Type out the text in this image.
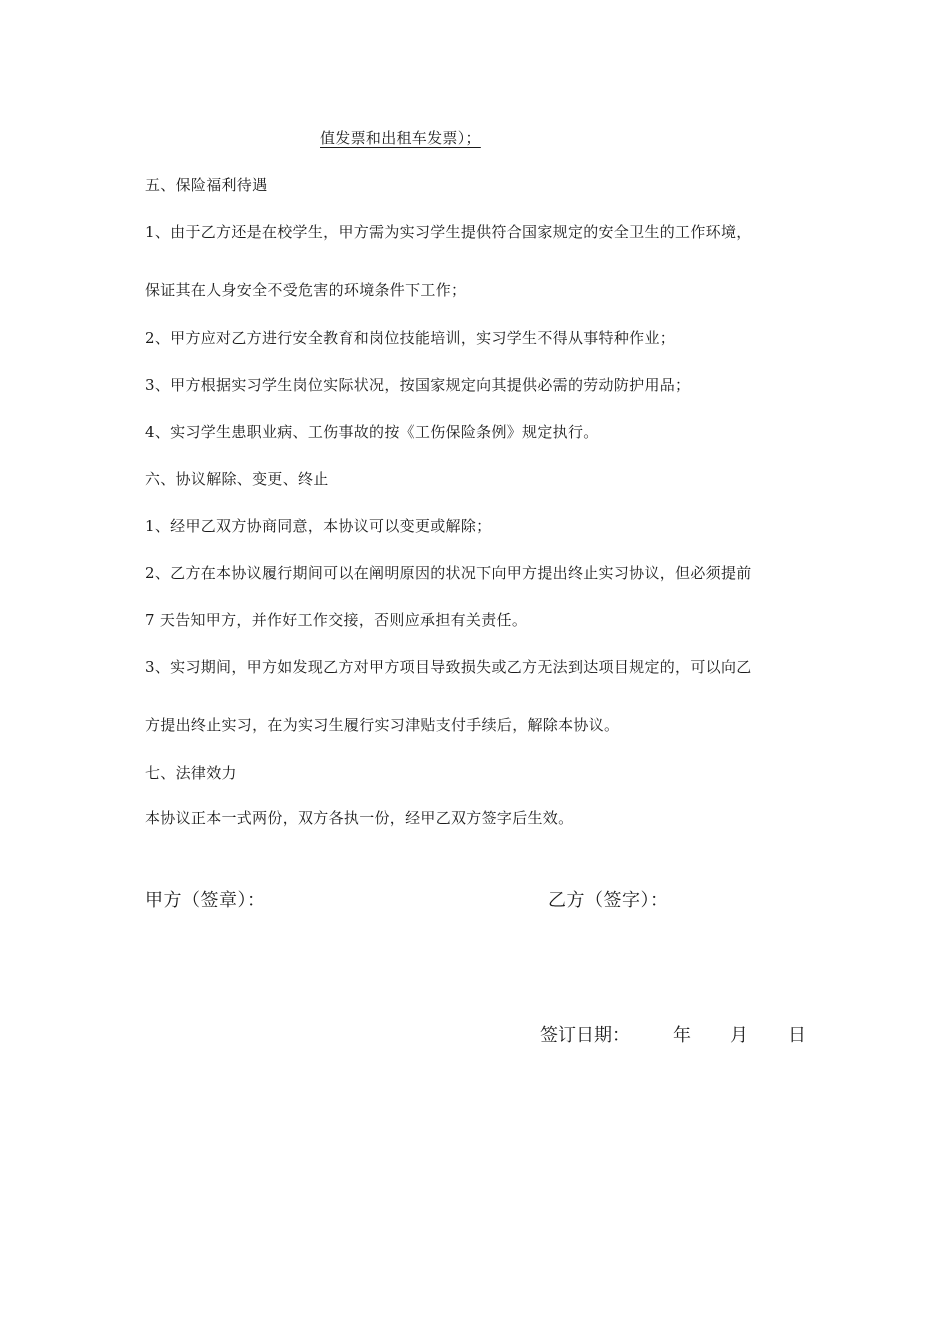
值发票和出租车发票）；
五、保险福利待遇
1、由于乙方还是在校学生，甲方需为实习学生提供符合国家规定的安全卫生的工作环境，
保证其在人身安全不受危害的环境条件下工作；
2、甲方应对乙方进行安全教育和岗位技能培训，实习学生不得从事特种作业；
3、甲方根据实习学生岗位实际状况，按国家规定向其提供必需的劳动防护用品；
4、实习学生患职业病、工伤事故的按《工伤保险条例》规定执行。
六、协议解除、变更、终止
1、经甲乙双方协商同意，本协议可以变更或解除；
2、乙方在本协议履行期间可以在阐明原因的状况下向甲方提出终止实习协议，但必须提前
7 天告知甲方，并作好工作交接，否则应承担有关责任。
3、实习期间，甲方如发现乙方对甲方项目导致损失或乙方无法到达项目规定的，可以向乙
方提出终止实习，在为实习生履行实习津贴支付手续后，解除本协议。
七、法律效力
本协议正本一式两份，双方各执一份，经甲乙双方签字后生效。
甲方（签章）：	乙方（签字）：
签订日期： 年 月 日
